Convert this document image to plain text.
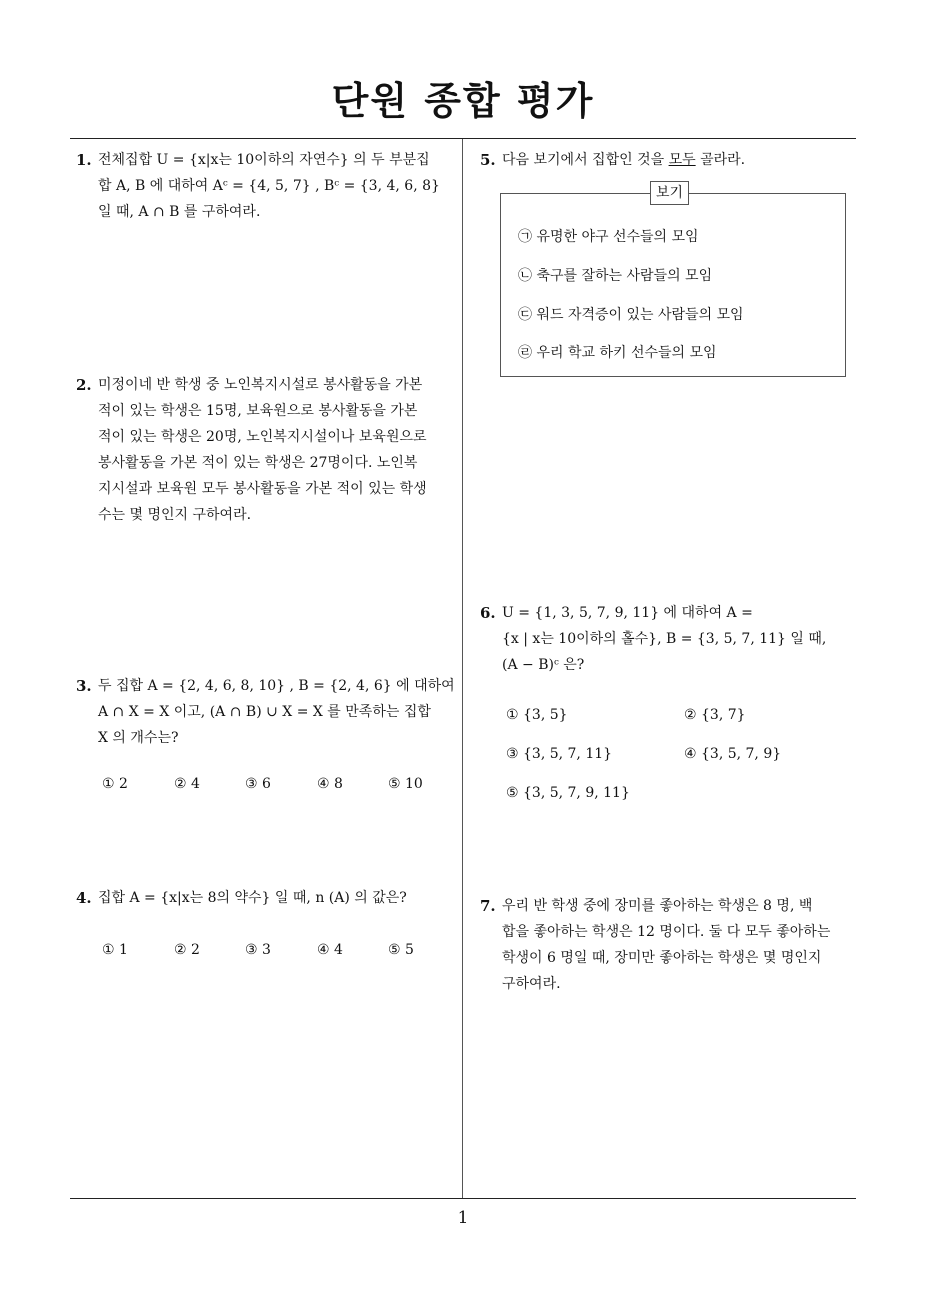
단원 종합 평가
1
1. 전체집합 U = {x|x는 10이하의 자연수} 의 두 부분집
합 A, B 에 대하여 Aᶜ = {4, 5, 7} , Bᶜ = {3, 4, 6, 8}
일 때, A ∩ B 를 구하여라.
2. 미정이네 반 학생 중 노인복지시설로 봉사활동을 가본
적이 있는 학생은 15명, 보육원으로 봉사활동을 가본
적이 있는 학생은 20명, 노인복지시설이나 보육원으로
봉사활동을 가본 적이 있는 학생은 27명이다. 노인복
지시설과 보육원 모두 봉사활동을 가본 적이 있는 학생
수는 몇 명인지 구하여라.
3. 두 집합 A = {2, 4, 6, 8, 10} , B = {2, 4, 6} 에 대하여
A ∩ X = X 이고, (A ∩ B) ∪ X = X 를 만족하는 집합
X 의 개수는?
① 2	② 4	③ 6	④ 8	⑤ 10
4. 집합 A = {x|x는 8의 약수} 일 때, n (A) 의 값은?
① 1	② 2	③ 3	④ 4	⑤ 5
5. 다음 보기에서 집합인 것을 모두 골라라.
보기
㉠ 유명한 야구 선수들의 모임
㉡ 축구를 잘하는 사람들의 모임
㉢ 워드 자격증이 있는 사람들의 모임
㉣ 우리 학교 하키 선수들의 모임
6. U = {1, 3, 5, 7, 9, 11} 에 대하여 A =
{x | x는 10이하의 홀수}, B = {3, 5, 7, 11} 일 때,
(A − B)ᶜ 은?
① {3, 5}	② {3, 7}
③ {3, 5, 7, 11}	④ {3, 5, 7, 9}
⑤ {3, 5, 7, 9, 11}
7. 우리 반 학생 중에 장미를 좋아하는 학생은 8 명, 백
합을 좋아하는 학생은 12 명이다. 둘 다 모두 좋아하는
학생이 6 명일 때, 장미만 좋아하는 학생은 몇 명인지
구하여라.
